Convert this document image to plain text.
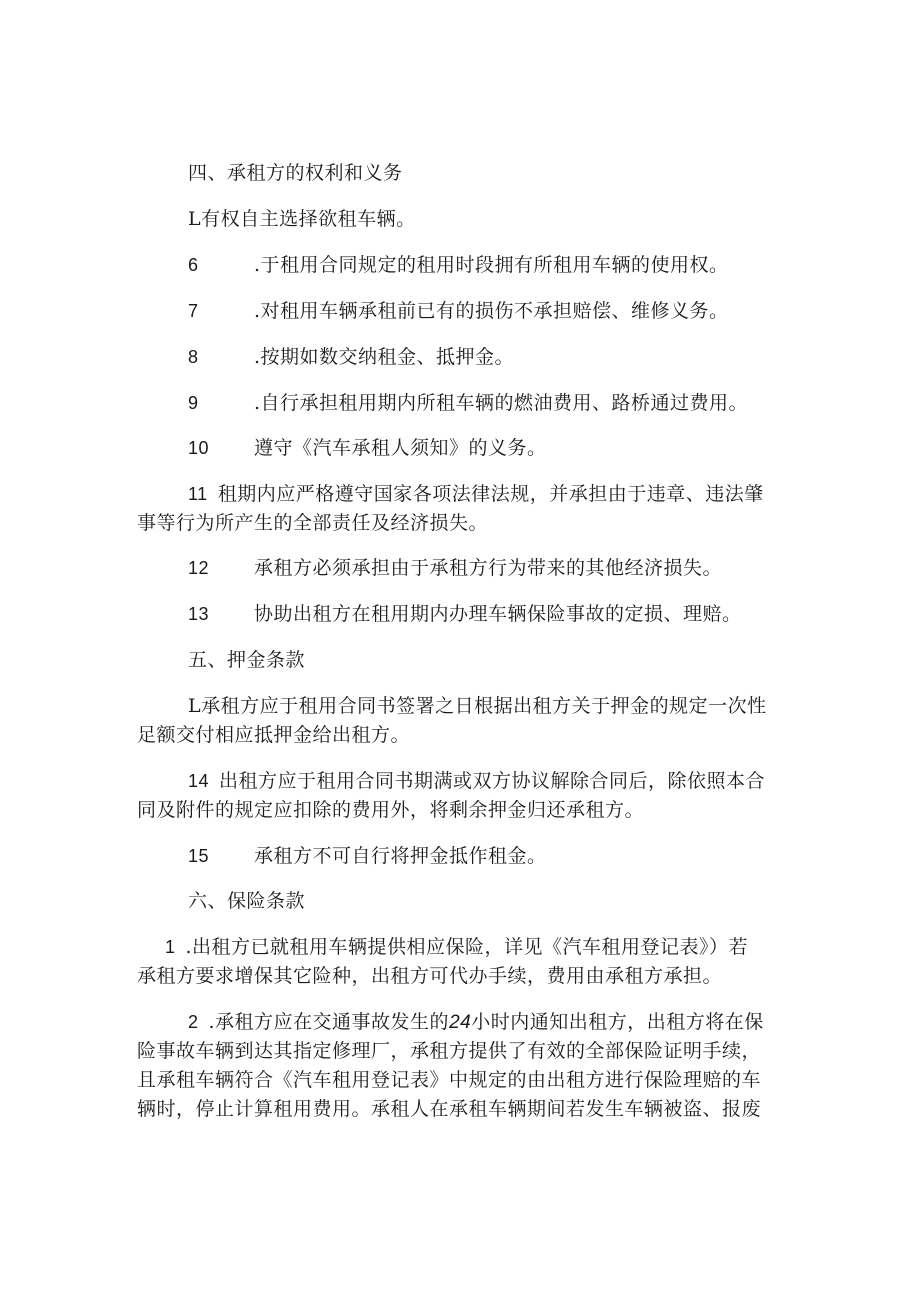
四、承租方的权利和义务
L有权自主选择欲租车辆。
6	.于租用合同规定的租用时段拥有所租用车辆的使用权。
7	.对租用车辆承租前已有的损伤不承担赔偿、维修义务。
8	.按期如数交纳租金、抵押金。
9	.自行承担租用期内所租车辆的燃油费用、路桥通过费用。
10 遵守《汽车承租人须知》的义务。
11 租期内应严格遵守国家各项法律法规，并承担由于违章、违法肇
事等行为所产生的全部责任及经济损失。
12 承租方必须承担由于承租方行为带来的其他经济损失。
13 协助出租方在租用期内办理车辆保险事故的定损、理赔。
五、押金条款
L承租方应于租用合同书签署之日根据出租方关于押金的规定一次性
足额交付相应抵押金给出租方。
14 出租方应于租用合同书期满或双方协议解除合同后，除依照本合
同及附件的规定应扣除的费用外，将剩余押金归还承租方。
15 承租方不可自行将押金抵作租金。
六、保险条款
1 .出租方已就租用车辆提供相应保险，详见《汽车租用登记表》）若
承租方要求增保其它险种，出租方可代办手续，费用由承租方承担。
2 .承租方应在交通事故发生的24小时内通知出租方，出租方将在保
险事故车辆到达其指定修理厂，承租方提供了有效的全部保险证明手续，
且承租车辆符合《汽车租用登记表》中规定的由出租方进行保险理赔的车
辆时，停止计算租用费用。承租人在承租车辆期间若发生车辆被盗、报废
